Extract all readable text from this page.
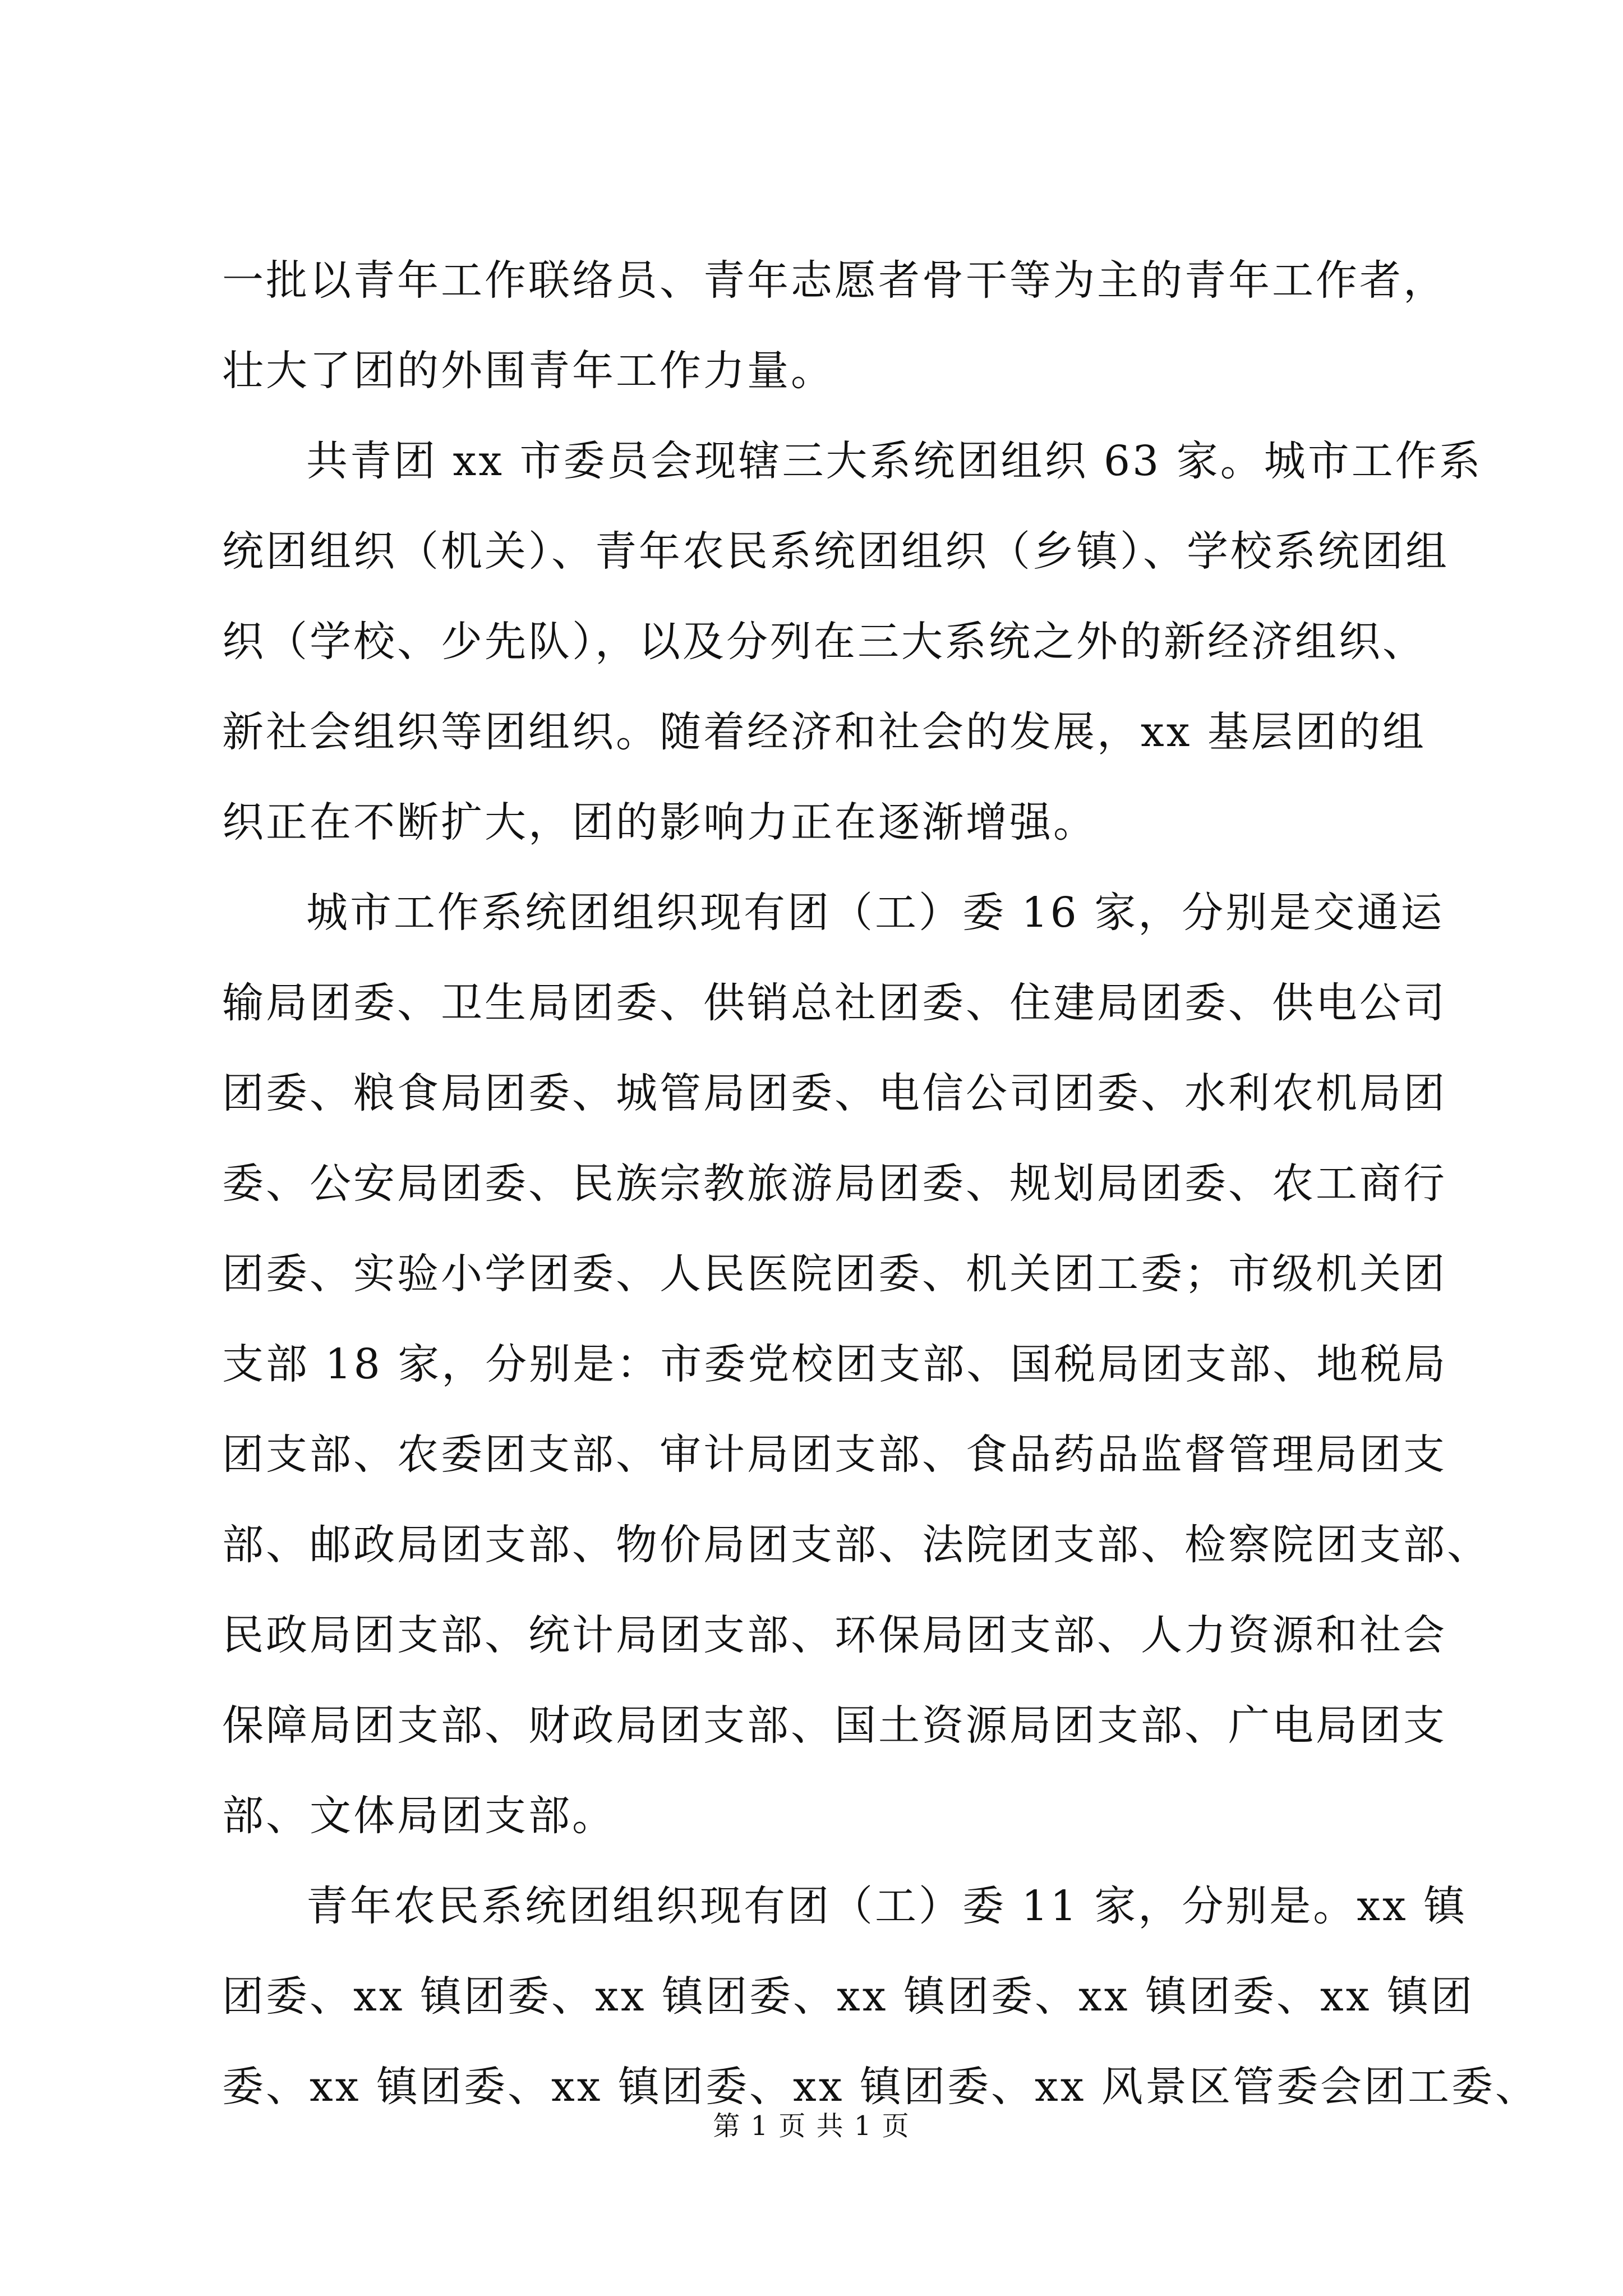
一批以青年工作联络员、青年志愿者骨干等为主的青年工作者，
壮大了团的外围青年工作力量。
共青团 xx 市委员会现辖三大系统团组织 63 家。城市工作系
统团组织（机关）、青年农民系统团组织（乡镇）、学校系统团组
织（学校、少先队），以及分列在三大系统之外的新经济组织、
新社会组织等团组织。随着经济和社会的发展，xx 基层团的组
织正在不断扩大，团的影响力正在逐渐增强。
城市工作系统团组织现有团（工）委 16 家，分别是交通运
输局团委、卫生局团委、供销总社团委、住建局团委、供电公司
团委、粮食局团委、城管局团委、电信公司团委、水利农机局团
委、公安局团委、民族宗教旅游局团委、规划局团委、农工商行
团委、实验小学团委、人民医院团委、机关团工委；市级机关团
支部 18 家，分别是：市委党校团支部、国税局团支部、地税局
团支部、农委团支部、审计局团支部、食品药品监督管理局团支
部、邮政局团支部、物价局团支部、法院团支部、检察院团支部、
民政局团支部、统计局团支部、环保局团支部、人力资源和社会
保障局团支部、财政局团支部、国土资源局团支部、广电局团支
部、文体局团支部。
青年农民系统团组织现有团（工）委 11 家，分别是。xx 镇
团委、xx 镇团委、xx 镇团委、xx 镇团委、xx 镇团委、xx 镇团
委、xx 镇团委、xx 镇团委、xx 镇团委、xx 风景区管委会团工委、
第 1 页 共 1 页
